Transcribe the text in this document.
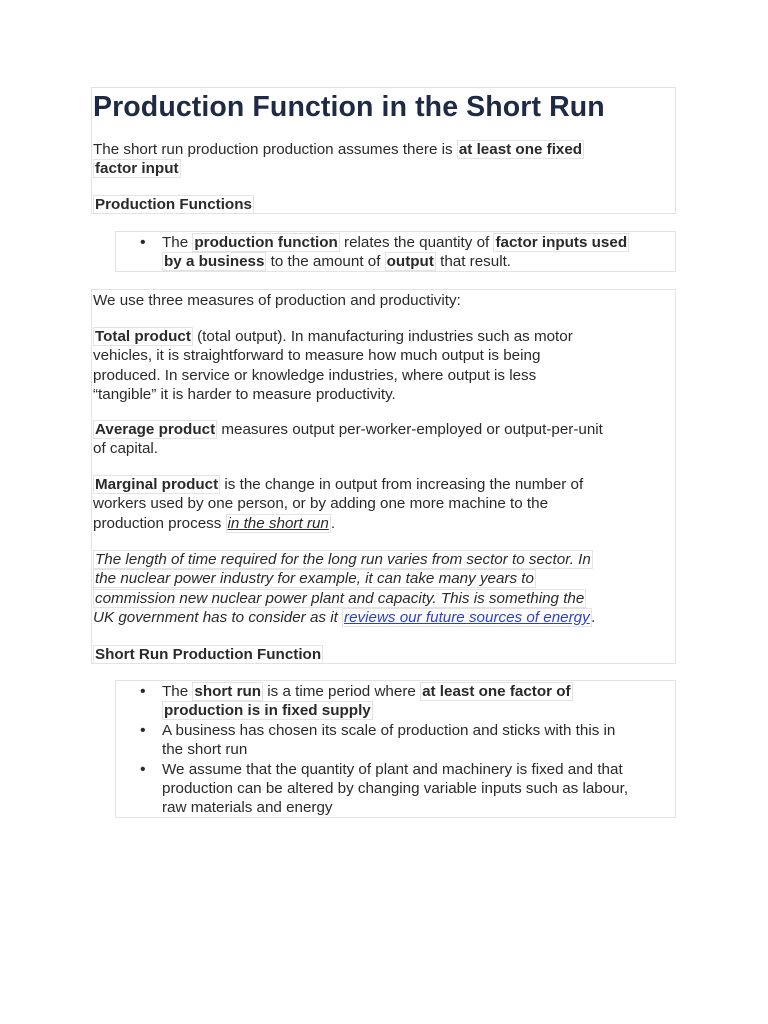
Production Function in the Short Run

The short run production production assumes there is at least one fixed
factor input

Production Functions

• The production function relates the quantity of factor inputs used
by a business to the amount of output that result.

We use three measures of production and productivity:

Total product (total output). In manufacturing industries such as motor
vehicles, it is straightforward to measure how much output is being
produced. In service or knowledge industries, where output is less
“tangible” it is harder to measure productivity.

Average product measures output per-worker-employed or output-per-unit
of capital.

Marginal product is the change in output from increasing the number of
workers used by one person, or by adding one more machine to the
production process in the short run .

The length of time required for the long run varies from sector to sector. In
the nuclear power industry for example, it can take many years to
commission new nuclear power plant and capacity. This is something the
UK government has to consider as it reviews our future sources of energy .

Short Run Production Function

• The short run is a time period where at least one factor of
production is in fixed supply
• A business has chosen its scale of production and sticks with this in
the short run
• We assume that the quantity of plant and machinery is fixed and that
production can be altered by changing variable inputs such as labour,
raw materials and energy
